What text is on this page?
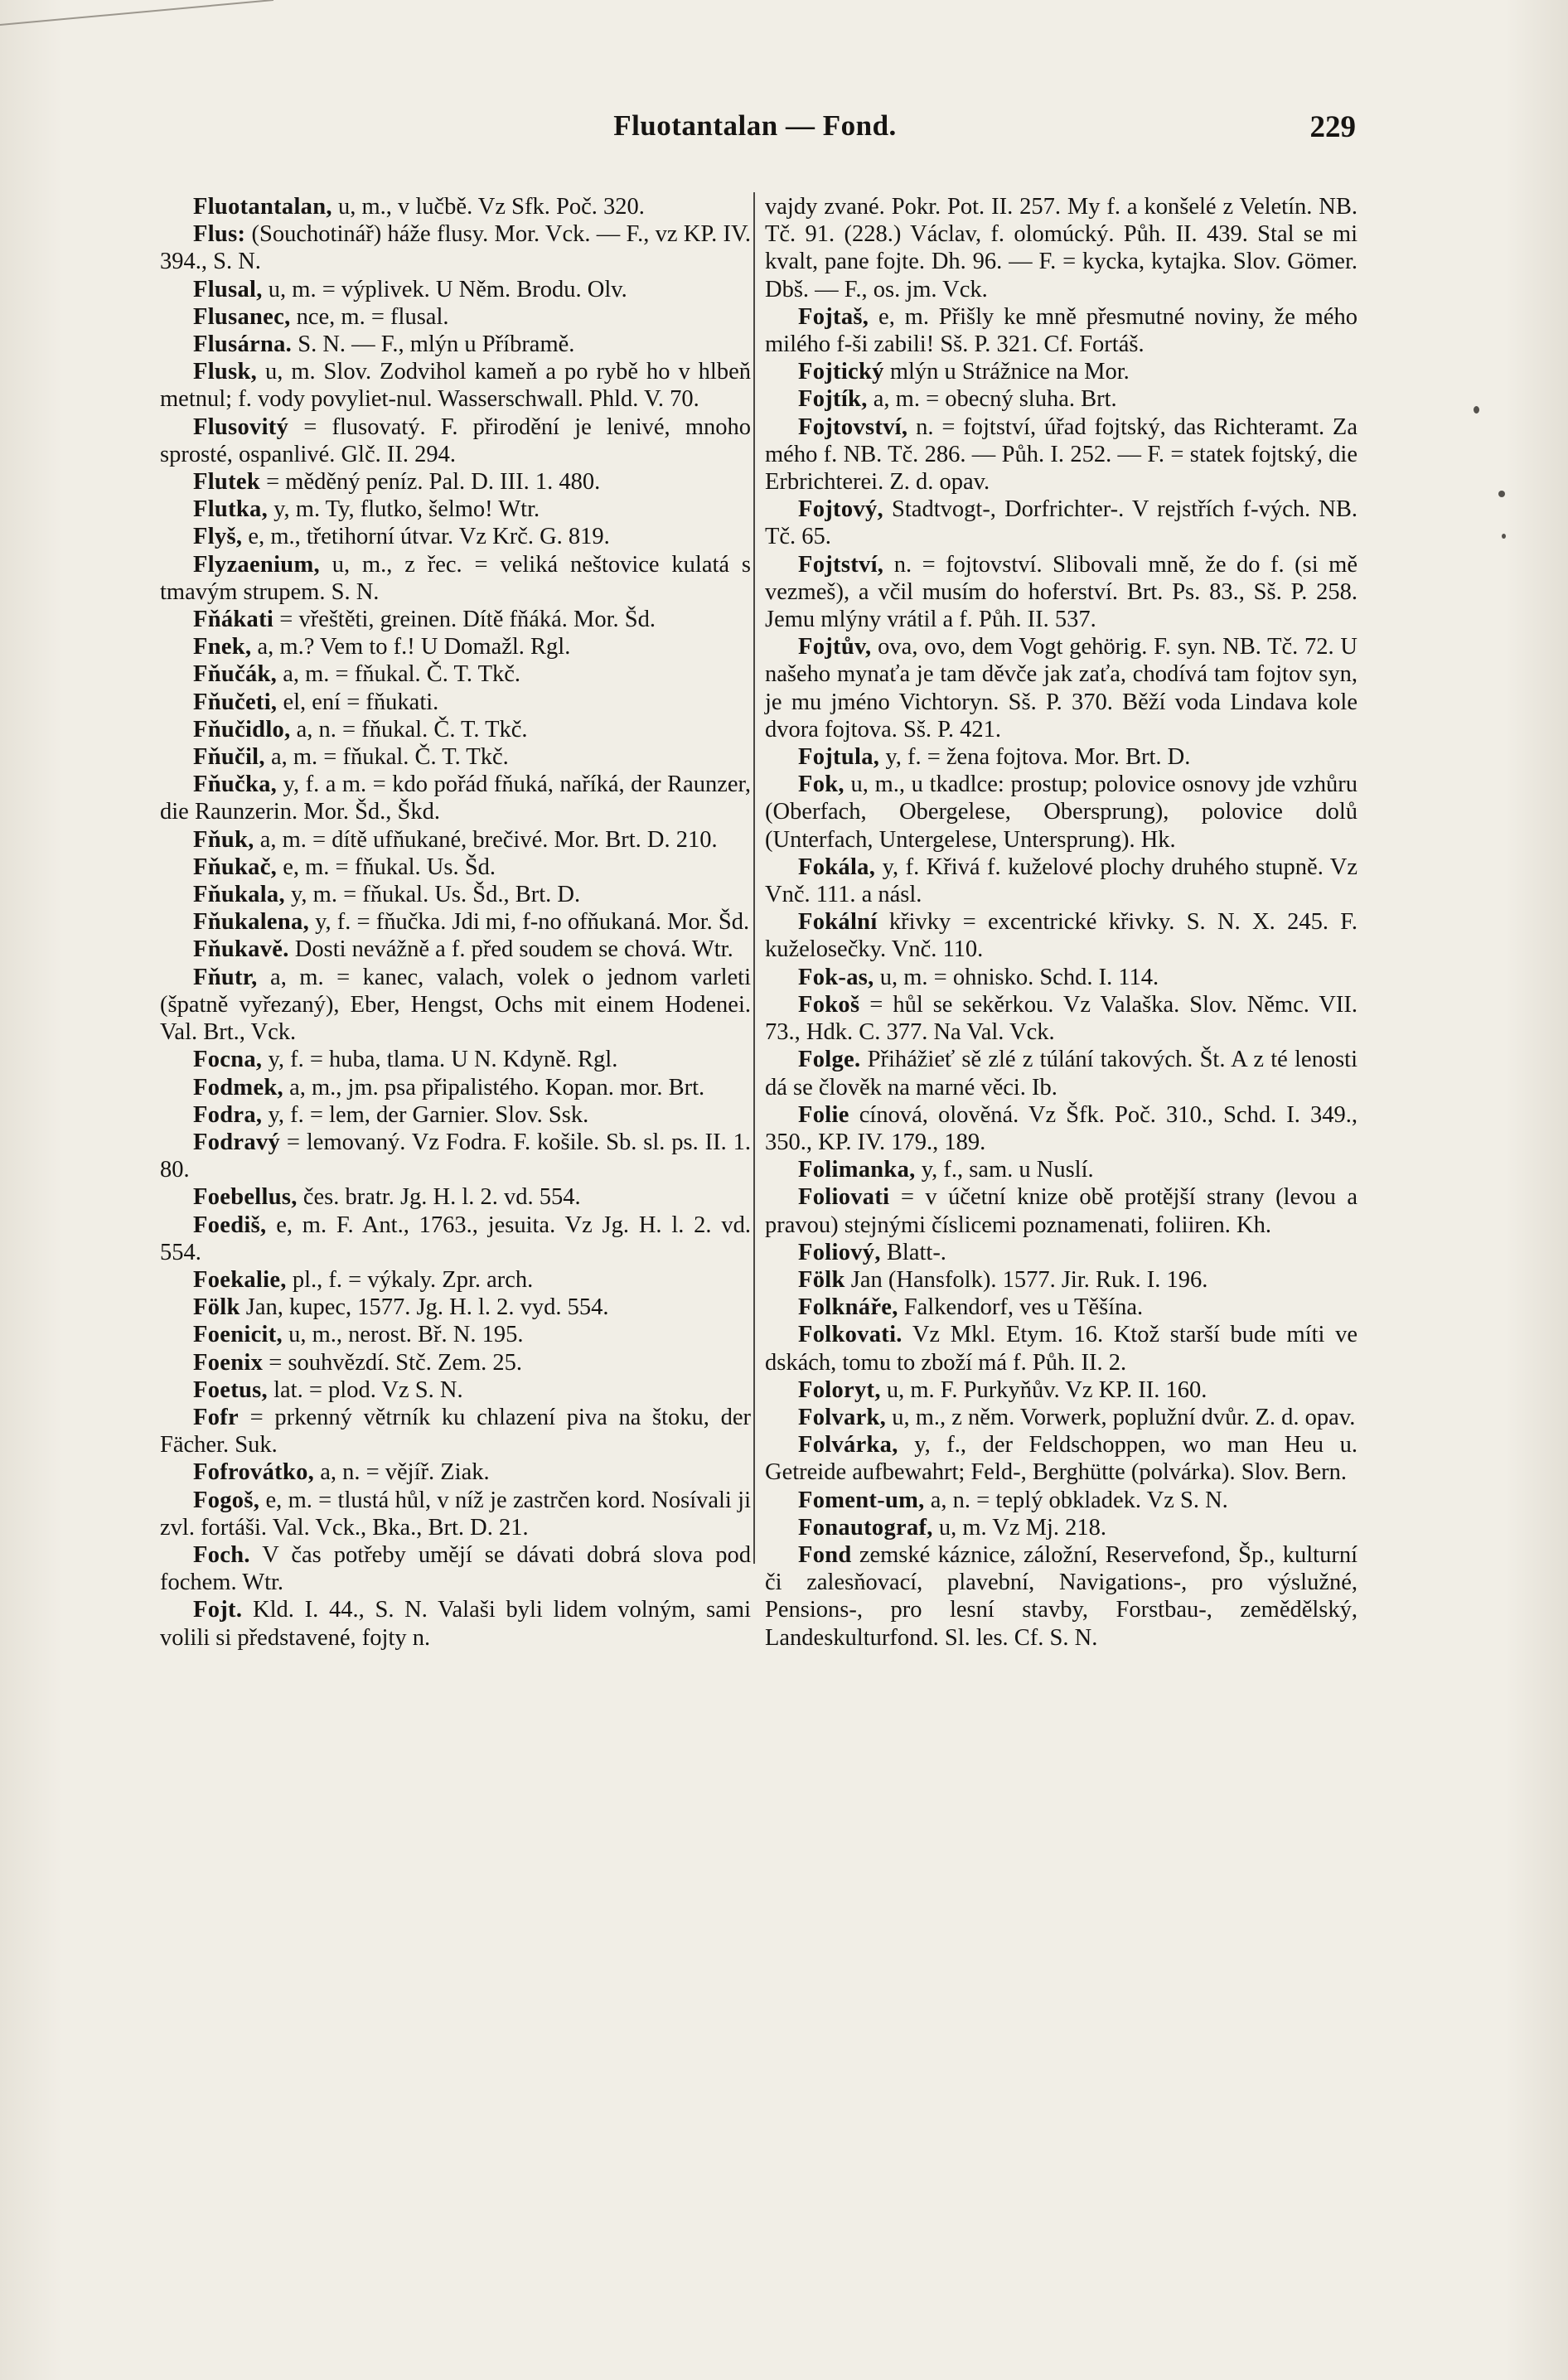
Fluotantalan — Fond.	229

Fluotantalan, u, m., v lučbě. Vz Sfk. Poč. 320.

Flus: (Souchotinář) háže flusy. Mor. Vck. — F., vz KP. IV. 394., S. N.

Flusal, u, m. = výplivek. U Něm. Brodu. Olv.

Flusanec, nce, m. = flusal.

Flusárna. S. N. — F., mlýn u Příbramě.

Flusk, u, m. Slov. Zodvihol kameň a po rybě ho v hlbeň metnul; f. vody povyliet-nul. Wasserschwall. Phld. V. 70.

Flusovitý = flusovatý. F. přirodění je lenivé, mnoho sprosté, ospanlivé. Glč. II. 294.

Flutek = měděný peníz. Pal. D. III. 1. 480.

Flutka, y, m. Ty, flutko, šelmo! Wtr.

Flyš, e, m., třetihorní útvar. Vz Krč. G. 819.

Flyzaenium, u, m., z řec. = veliká neštovice kulatá s tmavým strupem. S. N.

Fňákati = vřeštěti, greinen. Dítě fňáká. Mor. Šd.

Fnek, a, m.? Vem to f.! U Domažl. Rgl.

Fňučák, a, m. = fňukal. Č. T. Tkč.

Fňučeti, el, ení = fňukati.

Fňučidlo, a, n. = fňukal. Č. T. Tkč.

Fňučil, a, m. = fňukal. Č. T. Tkč.

Fňučka, y, f. a m. = kdo pořád fňuká, naříká, der Raunzer, die Raunzerin. Mor. Šd., Škd.

Fňuk, a, m. = dítě ufňukané, brečivé. Mor. Brt. D. 210.

Fňukač, e, m. = fňukal. Us. Šd.

Fňukala, y, m. = fňukal. Us. Šd., Brt. D.

Fňukalena, y, f. = fňučka. Jdi mi, f-no ofňukaná. Mor. Šd.

Fňukavě. Dosti nevážně a f. před soudem se chová. Wtr.

Fňutr, a, m. = kanec, valach, volek o jednom varleti (špatně vyřezaný), Eber, Hengst, Ochs mit einem Hodenei. Val. Brt., Vck.

Focna, y, f. = huba, tlama. U N. Kdyně. Rgl.

Fodmek, a, m., jm. psa připalistého. Kopan. mor. Brt.

Fodra, y, f. = lem, der Garnier. Slov. Ssk.

Fodravý = lemovaný. Vz Fodra. F. košile. Sb. sl. ps. II. 1. 80.

Foebellus, čes. bratr. Jg. H. l. 2. vd. 554.

Foediš, e, m. F. Ant., 1763., jesuita. Vz Jg. H. l. 2. vd. 554.

Foekalie, pl., f. = výkaly. Zpr. arch.

Fölk Jan, kupec, 1577. Jg. H. l. 2. vyd. 554.

Foenicit, u, m., nerost. Bř. N. 195.

Foenix = souhvězdí. Stč. Zem. 25.

Foetus, lat. = plod. Vz S. N.

Fofr = prkenný větrník ku chlazení piva na štoku, der Fächer. Suk.

Fofrovátko, a, n. = vějíř. Ziak.

Fogoš, e, m. = tlustá hůl, v níž je zastrčen kord. Nosívali ji zvl. fortáši. Val. Vck., Bka., Brt. D. 21.

Foch. V čas potřeby umějí se dávati dobrá slova pod fochem. Wtr.

Fojt. Kld. I. 44., S. N. Valaši byli lidem volným, sami volili si představené, fojty n.

vajdy zvané. Pokr. Pot. II. 257. My f. a konšelé z Veletín. NB. Tč. 91. (228.) Václav, f. olomúcký. Půh. II. 439. Stal se mi kvalt, pane fojte. Dh. 96. — F. = kycka, kytajka. Slov. Gömer. Dbš. — F., os. jm. Vck.

Fojtaš, e, m. Přišly ke mně přesmutné noviny, že mého milého f-ši zabili! Sš. P. 321. Cf. Fortáš.

Fojtický mlýn u Strážnice na Mor.

Fojtík, a, m. = obecný sluha. Brt.

Fojtovství, n. = fojtství, úřad fojtský, das Richteramt. Za mého f. NB. Tč. 286. — Půh. I. 252. — F. = statek fojtský, die Erbrichterei. Z. d. opav.

Fojtový, Stadtvogt-, Dorfrichter-. V rejstřích f-vých. NB. Tč. 65.

Fojtství, n. = fojtovství. Slibovali mně, že do f. (si mě vezmeš), a včil musím do hoferství. Brt. Ps. 83., Sš. P. 258. Jemu mlýny vrátil a f. Půh. II. 537.

Fojtův, ova, ovo, dem Vogt gehörig. F. syn. NB. Tč. 72. U našeho mynaťa je tam děvče jak zaťa, chodívá tam fojtov syn, je mu jméno Vichtoryn. Sš. P. 370. Běží voda Lindava kole dvora fojtova. Sš. P. 421.

Fojtula, y, f. = žena fojtova. Mor. Brt. D.

Fok, u, m., u tkadlce: prostup; polovice osnovy jde vzhůru (Oberfach, Obergelese, Obersprung), polovice dolů (Unterfach, Untergelese, Untersprung). Hk.

Fokála, y, f. Křivá f. kuželové plochy druhého stupně. Vz Vnč. 111. a násl.

Fokální křivky = excentrické křivky. S. N. X. 245. F. kuželosečky. Vnč. 110.

Fok-as, u, m. = ohnisko. Schd. I. 114.

Fokoš = hůl se sekěrkou. Vz Valaška. Slov. Němc. VII. 73., Hdk. C. 377. Na Val. Vck.

Folge. Přihážieť sě zlé z túlání takových. Št. A z té lenosti dá se člověk na marné věci. Ib.

Folie cínová, olověná. Vz Šfk. Poč. 310., Schd. I. 349., 350., KP. IV. 179., 189.

Folimanka, y, f., sam. u Nuslí.

Foliovati = v účetní knize obě protější strany (levou a pravou) stejnými číslicemi poznamenati, foliiren. Kh.

Foliový, Blatt-.

Fölk Jan (Hansfolk). 1577. Jir. Ruk. I. 196.

Folknáře, Falkendorf, ves u Těšína.

Folkovati. Vz Mkl. Etym. 16. Ktož starší bude míti ve dskách, tomu to zboží má f. Půh. II. 2.

Foloryt, u, m. F. Purkyňův. Vz KP. II. 160.

Folvark, u, m., z něm. Vorwerk, poplužní dvůr. Z. d. opav.

Folvárka, y, f., der Feldschoppen, wo man Heu u. Getreide aufbewahrt; Feld-, Berghütte (polvárka). Slov. Bern.

Foment-um, a, n. = teplý obkladek. Vz S. N.

Fonautograf, u, m. Vz Mj. 218.

Fond zemské káznice, záložní, Reservefond, Šp., kulturní či zalesňovací, plavební, Navigations-, pro výslužné, Pensions-, pro lesní stavby, Forstbau-, zemědělský, Landeskulturfond. Sl. les. Cf. S. N.
